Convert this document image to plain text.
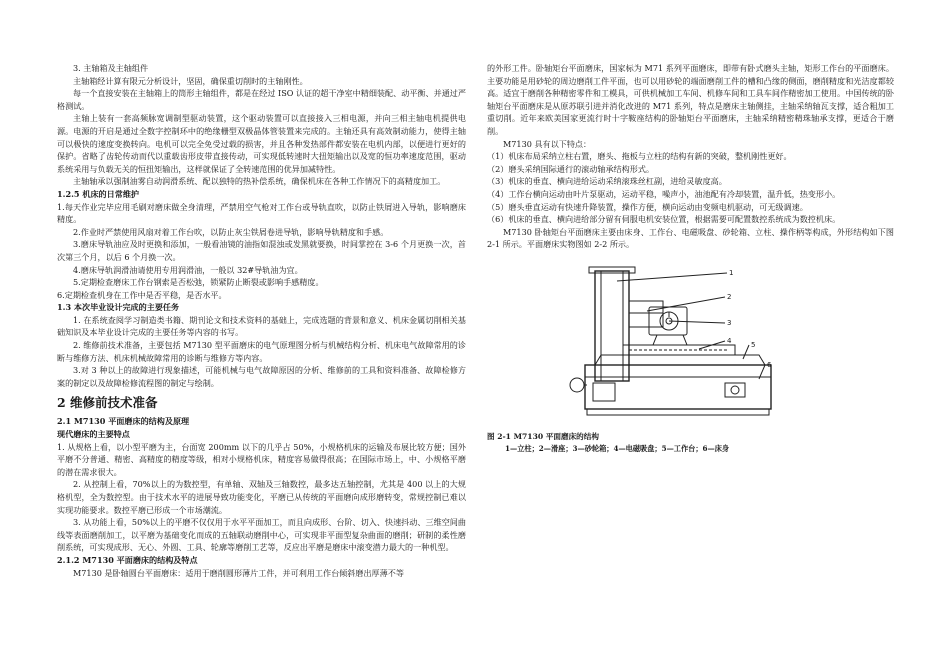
3. 主轴箱及主轴组件

主轴箱经计算有限元分析设计，坚固，确保重切削时的主轴刚性。

每一个直接安装在主轴箱上的筒形主轴组件，都是在经过 ISO 认证的超干净室中精细装配、动平衡、并通过严格测试。

主轴上装有一套高频脉宽调制型驱动装置，这个驱动装置可以直接接入三相电源，并向三相主轴电机提供电源。电源的开启是通过全数字控制环中的绝缘栅型双极晶体管装置来完成的。主轴还具有高效制动能力，使得主轴可以极快的速度变换转向。电机可以完全免受过载的损害，并且各种发热部件都安装在电机内部，以便进行更好的保护。省略了齿轮传动而代以重载齿形皮带直接传动，可实现低转速时大扭矩输出以及宽的恒功率速度范围，驱动系统采用与负载无关的恒扭矩输出，这样就保证了全转速范围的优异加减特性。

主轴轴承以强制油雾自动润滑系统、配以独特的热补偿系统，确保机床在各种工作情况下的高精度加工。

1.2.5 机床的日常维护

1.每天作业完毕应用毛刷对磨床做全身清理，严禁用空气枪对工作台或导轨直吹，以防止铁屑进入导轨，影响磨床精度。

2.作业时严禁使用风扇对着工作台吹，以防止灰尘铁屑卷进导轨，影响导轨精度和手感。

3.磨床导轨油应及时更换和添加，一般看油镜的油指如混浊或发黑就要换，时间掌控在 3-6 个月更换一次，首次第三个月，以后 6 个月换一次。

4.磨床导轨润滑油请使用专用润滑油，一般以 32#导轨油为宜。

5.定期检查磨床工作台钢索是否松弛，锁紧防止断裂或影响手感精度。

6.定期检查机身在工作中是否平稳，是否水平。

1.3 本次毕业设计完成的主要任务

1. 在系统查阅学习制造类书籍、期刊论文和技术资料的基础上，完成选题的背景和意义、机床金属切削相关基础知识及本毕业设计完成的主要任务等内容的书写。

2. 维修前技术准备，主要包括 M7130 型平面磨床的电气原理图分析与机械结构分析、机床电气故障常用的诊断与维修方法、机床机械故障常用的诊断与维修方等内容。

3.对 3 种以上的故障进行现象描述，可能机械与电气故障原因的分析、维修前的工具和资料准备、故障检修方案的制定以及故障检修流程图的制定与绘制。

2 维修前技术准备

2.1 M7130 平面磨床的结构及原理

现代磨床的主要特点

1. 从规格上看，以小型平磨为主，台面宽 200mm 以下的几乎占 50%，小规格机床的运输及布展比较方便；国外平磨不分普通、精密、高精度的精度等级，相对小规格机床，精度容易做得很高；在国际市场上，中、小规格平磨的潜在需求很大。

2. 从控制上看，70%以上的为数控型，有单轴、双轴及三轴数控，最多达五轴控制，尤其是 400 以上的大规格机型，全为数控型。由于技术水平的进展导致功能变化，平磨已从传统的平面磨向成形磨转变，常规控制已难以实现功能要求。数控平磨已形成一个市场潮流。

3. 从功能上看，50%以上的平磨不仅仅用于水平平面加工，而且向成形、台阶、切入、快速抖动、三维空间曲线等表面磨削加工，以平磨为基础变化而成的五轴联动磨削中心，可实现非平面型复杂曲面的磨削；研制的柔性磨削系统，可实现成形、无心、外圆、工具、轮廓等磨削工艺等，反应出平磨是磨床中滚变潜力最大的一种机型。

2.1.2 M7130 平面磨床的结构及特点

M7130 是卧轴圆台平面磨床：适用于磨削圆形薄片工件，并可利用工作台倾斜磨出厚薄不等

的外形工件。卧轴矩台平面磨床，国家标为 M71 系列平面磨床，即带有卧式磨头主轴，矩形工作台的平面磨床。主要功能是用砂轮的周边磨削工件平面，也可以用砂轮的端面磨削工件的槽和凸缘的侧面，磨削精度和光洁度都较高。适宜于磨削各种精密零件和工模具，可供机械加工车间、机修车间和工具车间作精密加工使用。中国传统的卧轴矩台平面磨床是从原苏联引进并消化改进的 M71 系列，特点是磨床主轴侧挂，主轴采纳轴瓦支撑，适合粗加工重切削。近年来欧美国家更流行时十字鞍座结构的卧轴矩台平面磨床，主轴采纳精密精珠轴承支撑，更适合于磨削。

M7130 具有以下特点：

（1）机床布局采纳立柱右置，磨头、拖板与立柱的结构有新的突破，整机刚性更好。

（2）磨头采纳国际通行的滚动轴承结构形式。

（3）机床的垂直、横向进给运动采纳滚珠丝杠副，进给灵敏度高。

（4）工作台横向运动由叶片泵驱动，运动平稳，噪声小，油池配有冷却装置，温升低，热变形小。

（5）磨头垂直运动有快速升降装置，操作方便，横向运动由变频电机驱动，可无级调速。

（6）机床的垂直、横向进给部分留有伺服电机安装位置，根据需要可配置数控系统成为数控机床。

M7130 卧轴矩台平面磨床主要由床身、工作台、电磁吸盘、砂轮箱、立柱、操作柄等构成，外形结构如下图 2-1 所示。平面磨床实物图如 2-2 所示。

1
2
3
4	5
6
图 2-1 M7130 平面磨床的结构
1—立柱；2—滑座；3—砂轮箱；4—电磁吸盘；5—工作台；6—床身
